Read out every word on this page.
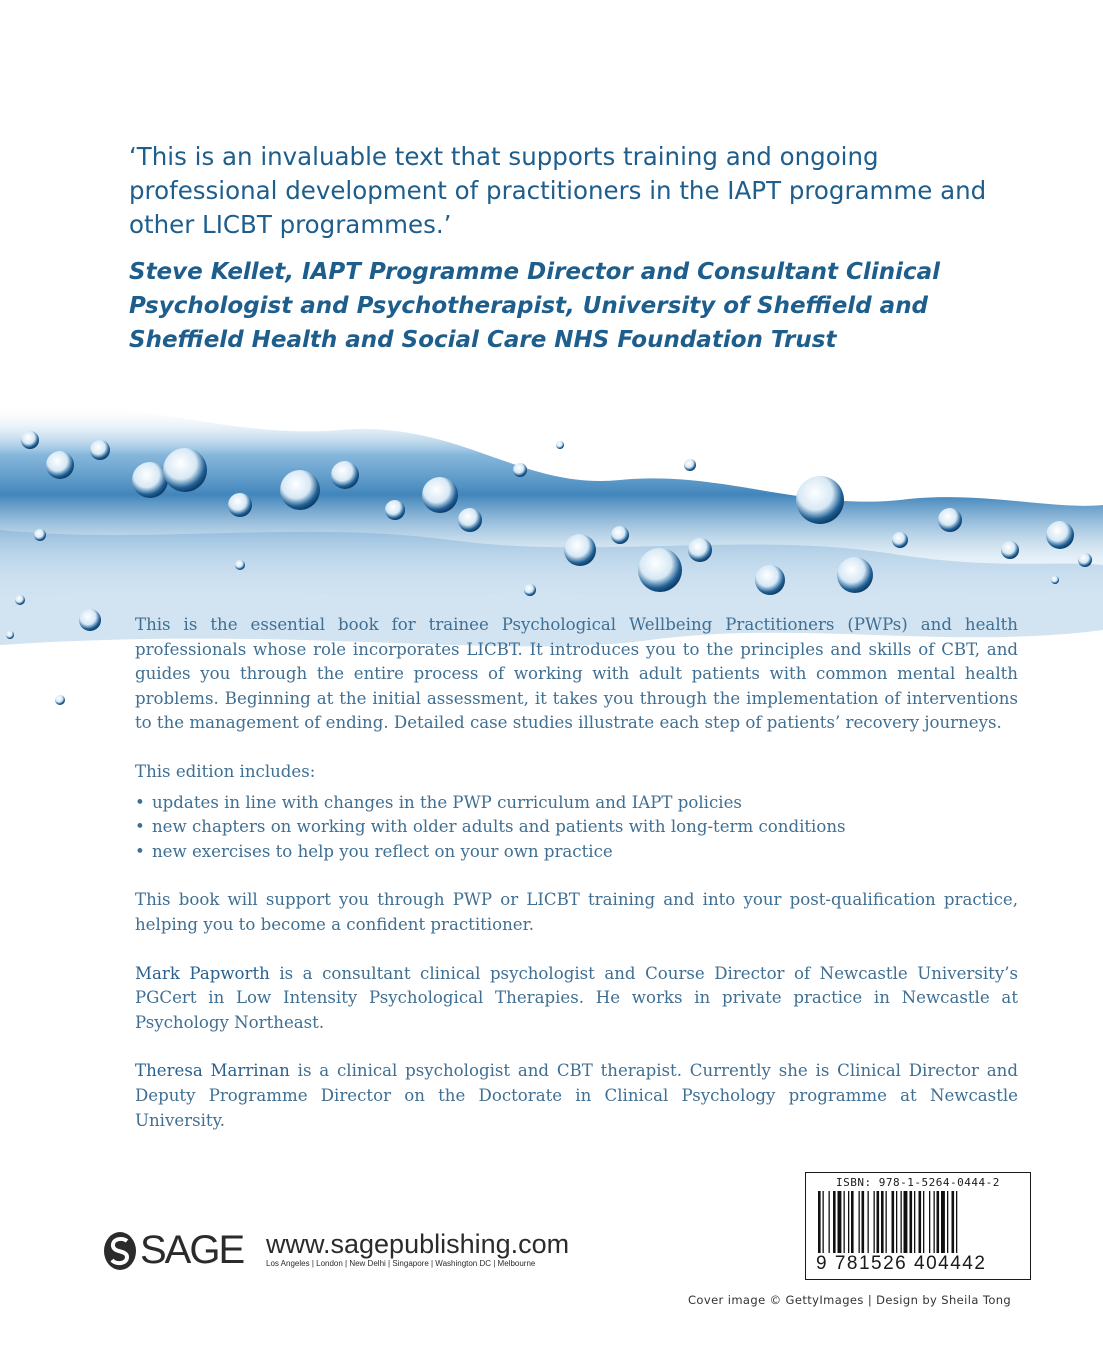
‘This is an invaluable text that supports training and ongoing professional development of practitioners in the IAPT programme and other LICBT programmes.’

Steve Kellet, IAPT Programme Director and Consultant Clinical Psychologist and Psychotherapist, University of Sheffield and Sheffield Health and Social Care NHS Foundation Trust

This is the essential book for trainee Psychological Wellbeing Practitioners (PWPs) and health professionals whose role incorporates LICBT. It introduces you to the principles and skills of CBT, and guides you through the entire process of working with adult patients with common mental health problems. Beginning at the initial assessment, it takes you through the implementation of interventions to the management of ending. Detailed case studies illustrate each step of patients’ recovery journeys.

This edition includes:

• updates in line with changes in the PWP curriculum and IAPT policies
• new chapters on working with older adults and patients with long-term conditions
• new exercises to help you reflect on your own practice

This book will support you through PWP or LICBT training and into your post-qualification practice, helping you to become a confident practitioner.

Mark Papworth is a consultant clinical psychologist and Course Director of Newcastle University’s PGCert in Low Intensity Psychological Therapies. He works in private practice in Newcastle at Psychology Northeast.

Theresa Marrinan is a clinical psychologist and CBT therapist. Currently she is Clinical Director and Deputy Programme Director on the Doctorate in Clinical Psychology programme at Newcastle University.

SAGE www.sagepublishing.com
Los Angeles | London | New Delhi | Singapore | Washington DC | Melbourne
ISBN: 978-1-5264-0444-2
9 781526 404442
Cover image © GettyImages | Design by Sheila Tong
